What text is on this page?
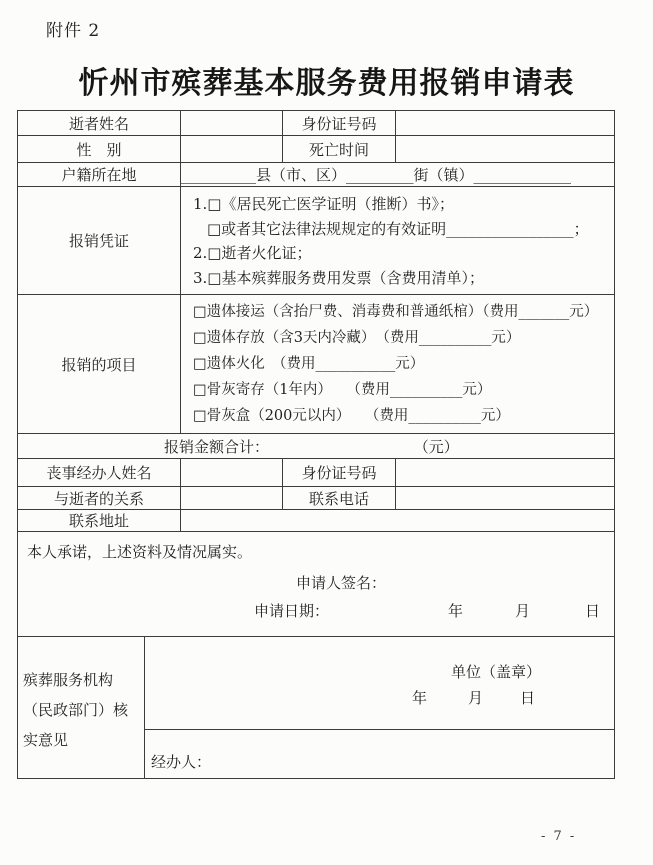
附件 2
忻州市殡葬基本服务费用报销申请表
逝者姓名		身份证号码	
性　别		死亡时间	
户籍所在地	__________县（市、区）_________街（镇）_____________		
报销凭证	1.□《居民死亡医学证明（推断）书》；
□或者其它法律法规规定的有效证明_________________；
2.□逝者火化证；
3.□基本殡葬服务费用发票（含费用清单）；		

报销的项目	□遗体接运（含抬尸费、消毒费和普通纸棺）（费用_______元）
□遗体存放（含3天内冷藏）　（费用__________元）
□遗体火化　（费用___________元）
□骨灰寄存（1年内）　　（费用__________元）
□骨灰盒（200元以内）　　（费用__________元）		

报销金额合计： （元）			
丧事经办人姓名		身份证号码	
与逝者的关系		联系电话	
联系地址			

本人承诺，上述资料及情况属实。
申请人签名：
申请日期：	年	月	日

殡葬服务机构（民政部门）核实意见
单位（盖章）
年	月 日
经办人：
- 7 -
